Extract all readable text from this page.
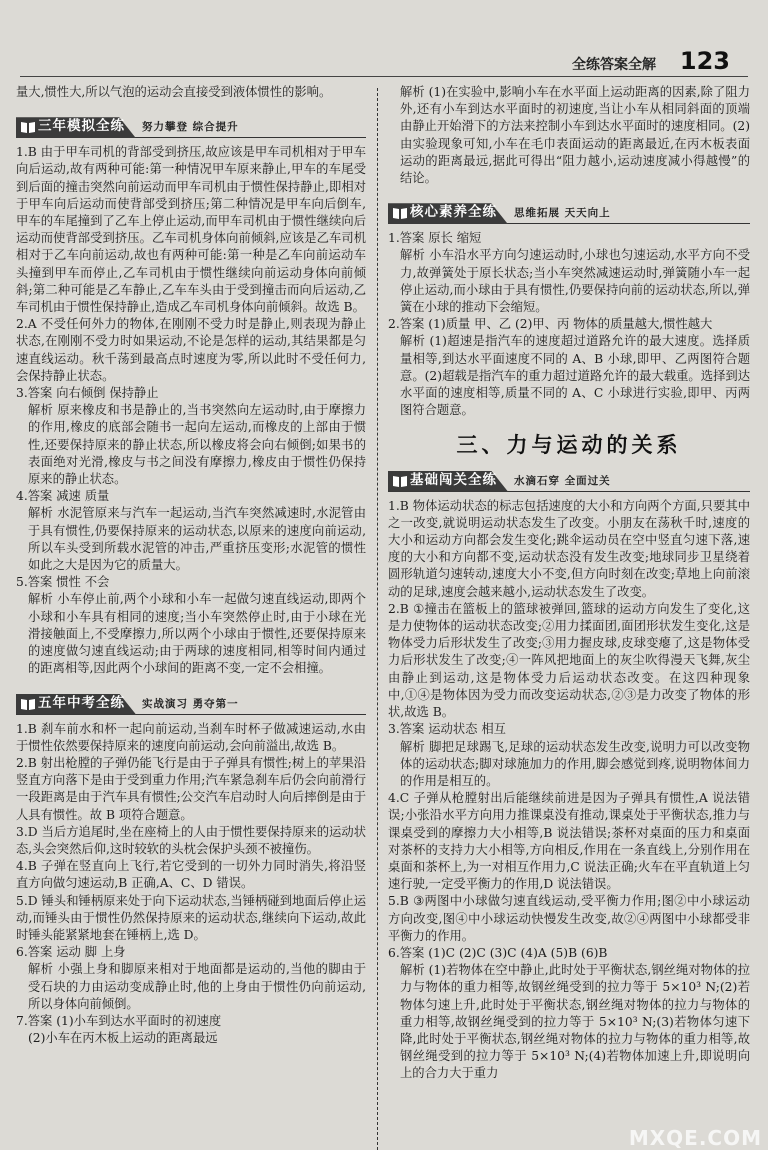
全练答案全解 123

量大,惯性大,所以气泡的运动会直接受到液体惯性的影响。

三年模拟全练 努力攀登 综合提升

1.B 由于甲车司机的背部受到挤压,故应该是甲车司机相对于甲车向后运动,故有两种可能:第一种情况甲车原来静止,甲车的车尾受到后面的撞击突然向前运动而甲车司机由于惯性保持静止,即相对于甲车向后运动而使背部受到挤压;第二种情况是甲车向后倒车,甲车的车尾撞到了乙车上停止运动,而甲车司机由于惯性继续向后运动而使背部受到挤压。乙车司机身体向前倾斜,应该是乙车司机相对于乙车向前运动,故也有两种可能:第一种是乙车向前运动车头撞到甲车而停止,乙车司机由于惯性继续向前运动身体向前倾斜;第二种可能是乙车静止,乙车车头由于受到撞击而向后运动,乙车司机由于惯性保持静止,造成乙车司机身体向前倾斜。故选 B。

2.A 不受任何外力的物体,在刚刚不受力时是静止,则表现为静止状态,在刚刚不受力时如果运动,不论是怎样的运动,其结果都是匀速直线运动。秋千荡到最高点时速度为零,所以此时不受任何力,会保持静止状态。

3.答案 向右倾倒 保持静止

解析 原来橡皮和书是静止的,当书突然向左运动时,由于摩擦力的作用,橡皮的底部会随书一起向左运动,而橡皮的上部由于惯性,还要保持原来的静止状态,所以橡皮将会向右倾倒;如果书的表面绝对光滑,橡皮与书之间没有摩擦力,橡皮由于惯性仍保持原来的静止状态。

4.答案 减速 质量

解析 水泥管原来与汽车一起运动,当汽车突然减速时,水泥管由于具有惯性,仍要保持原来的运动状态,以原来的速度向前运动,所以车头受到所载水泥管的冲击,严重挤压变形;水泥管的惯性如此之大是因为它的质量大。

5.答案 惯性 不会

解析 小车停止前,两个小球和小车一起做匀速直线运动,即两个小球和小车具有相同的速度;当小车突然停止时,由于小球在光滑接触面上,不受摩擦力,所以两个小球由于惯性,还要保持原来的速度做匀速直线运动;由于两球的速度相同,相等时间内通过的距离相等,因此两个小球间的距离不变,一定不会相撞。

五年中考全练 实战演习 勇夺第一

1.B 刹车前水和杯一起向前运动,当刹车时杯子做减速运动,水由于惯性依然要保持原来的速度向前运动,会向前溢出,故选 B。

2.B 射出枪膛的子弹仍能飞行是由于子弹具有惯性;树上的苹果沿竖直方向落下是由于受到重力作用;汽车紧急刹车后仍会向前滑行一段距离是由于汽车具有惯性;公交汽车启动时人向后摔倒是由于人具有惯性。故 B 项符合题意。

3.D 当后方追尾时,坐在座椅上的人由于惯性要保持原来的运动状态,头会突然后仰,这时较软的头枕会保护头颈不被撞伤。

4.B 子弹在竖直向上飞行,若它受到的一切外力同时消失,将沿竖直方向做匀速运动,B 正确,A、C、D 错误。

5.D 锤头和锤柄原来处于向下运动状态,当锤柄碰到地面后停止运动,而锤头由于惯性仍然保持原来的运动状态,继续向下运动,故此时锤头能紧紧地套在锤柄上,选 D。

6.答案 运动 脚 上身

解析 小强上身和脚原来相对于地面都是运动的,当他的脚由于受石块的力由运动变成静止时,他的上身由于惯性仍向前运动,所以身体向前倾倒。

7.答案 (1)小车到达水平面时的初速度

(2)小车在丙木板上运动的距离最远

解析 (1)在实验中,影响小车在水平面上运动距离的因素,除了阻力外,还有小车到达水平面时的初速度,当让小车从相同斜面的顶端由静止开始滑下的方法来控制小车到达水平面时的速度相同。(2)由实验现象可知,小车在毛巾表面运动的距离最近,在丙木板表面运动的距离最远,据此可得出“阻力越小,运动速度减小得越慢”的结论。

核心素养全练 思维拓展 天天向上

1.答案 原长 缩短

解析 小车沿水平方向匀速运动时,小球也匀速运动,水平方向不受力,故弹簧处于原长状态;当小车突然减速运动时,弹簧随小车一起停止运动,而小球由于具有惯性,仍要保持向前的运动状态,所以,弹簧在小球的推动下会缩短。

2.答案 (1)质量 甲、乙 (2)甲、丙 物体的质量越大,惯性越大

解析 (1)超速是指汽车的速度超过道路允许的最大速度。选择质量相等,到达水平面速度不同的 A、B 小球,即甲、乙两图符合题意。(2)超载是指汽车的重力超过道路允许的最大载重。选择到达水平面的速度相等,质量不同的 A、C 小球进行实验,即甲、丙两图符合题意。

三、力与运动的关系
基础闯关全练 水滴石穿 全面过关

1.B 物体运动状态的标志包括速度的大小和方向两个方面,只要其中之一改变,就说明运动状态发生了改变。小朋友在荡秋千时,速度的大小和运动方向都会发生变化;跳伞运动员在空中竖直匀速下落,速度的大小和方向都不变,运动状态没有发生改变;地球同步卫星绕着圆形轨道匀速转动,速度大小不变,但方向时刻在改变;草地上向前滚动的足球,速度会越来越小,运动状态发生了改变。

2.B ①撞击在篮板上的篮球被弹回,篮球的运动方向发生了变化,这是力使物体的运动状态改变;②用力揉面团,面团形状发生变化,这是物体受力后形状发生了改变;③用力握皮球,皮球变瘪了,这是物体受力后形状发生了改变;④一阵风把地面上的灰尘吹得漫天飞舞,灰尘由静止到运动,这是物体受力后运动状态改变。在这四种现象中,①④是物体因为受力而改变运动状态,②③是力改变了物体的形状,故选 B。

3.答案 运动状态 相互

解析 脚把足球踢飞,足球的运动状态发生改变,说明力可以改变物体的运动状态;脚对球施加力的作用,脚会感觉到疼,说明物体间力的作用是相互的。

4.C 子弹从枪膛射出后能继续前进是因为子弹具有惯性,A 说法错误;小张沿水平方向用力推课桌没有推动,课桌处于平衡状态,推力与课桌受到的摩擦力大小相等,B 说法错误;茶杯对桌面的压力和桌面对茶杯的支持力大小相等,方向相反,作用在一条直线上,分别作用在桌面和茶杯上,为一对相互作用力,C 说法正确;火车在平直轨道上匀速行驶,一定受平衡力的作用,D 说法错误。

5.B ③两图中小球做匀速直线运动,受平衡力作用;图②中小球运动方向改变,图④中小球运动快慢发生改变,故②④两图中小球都受非平衡力的作用。

6.答案 (1)C (2)C (3)C (4)A (5)B (6)B

解析 (1)若物体在空中静止,此时处于平衡状态,钢丝绳对物体的拉力与物体的重力相等,故钢丝绳受到的拉力等于 5×10³ N;(2)若物体匀速上升,此时处于平衡状态,钢丝绳对物体的拉力与物体的重力相等,故钢丝绳受到的拉力等于 5×10³ N;(3)若物体匀速下降,此时处于平衡状态,钢丝绳对物体的拉力与物体的重力相等,故钢丝绳受到的拉力等于 5×10³ N;(4)若物体加速上升,即说明向上的合力大于重力

MXQE.COM
